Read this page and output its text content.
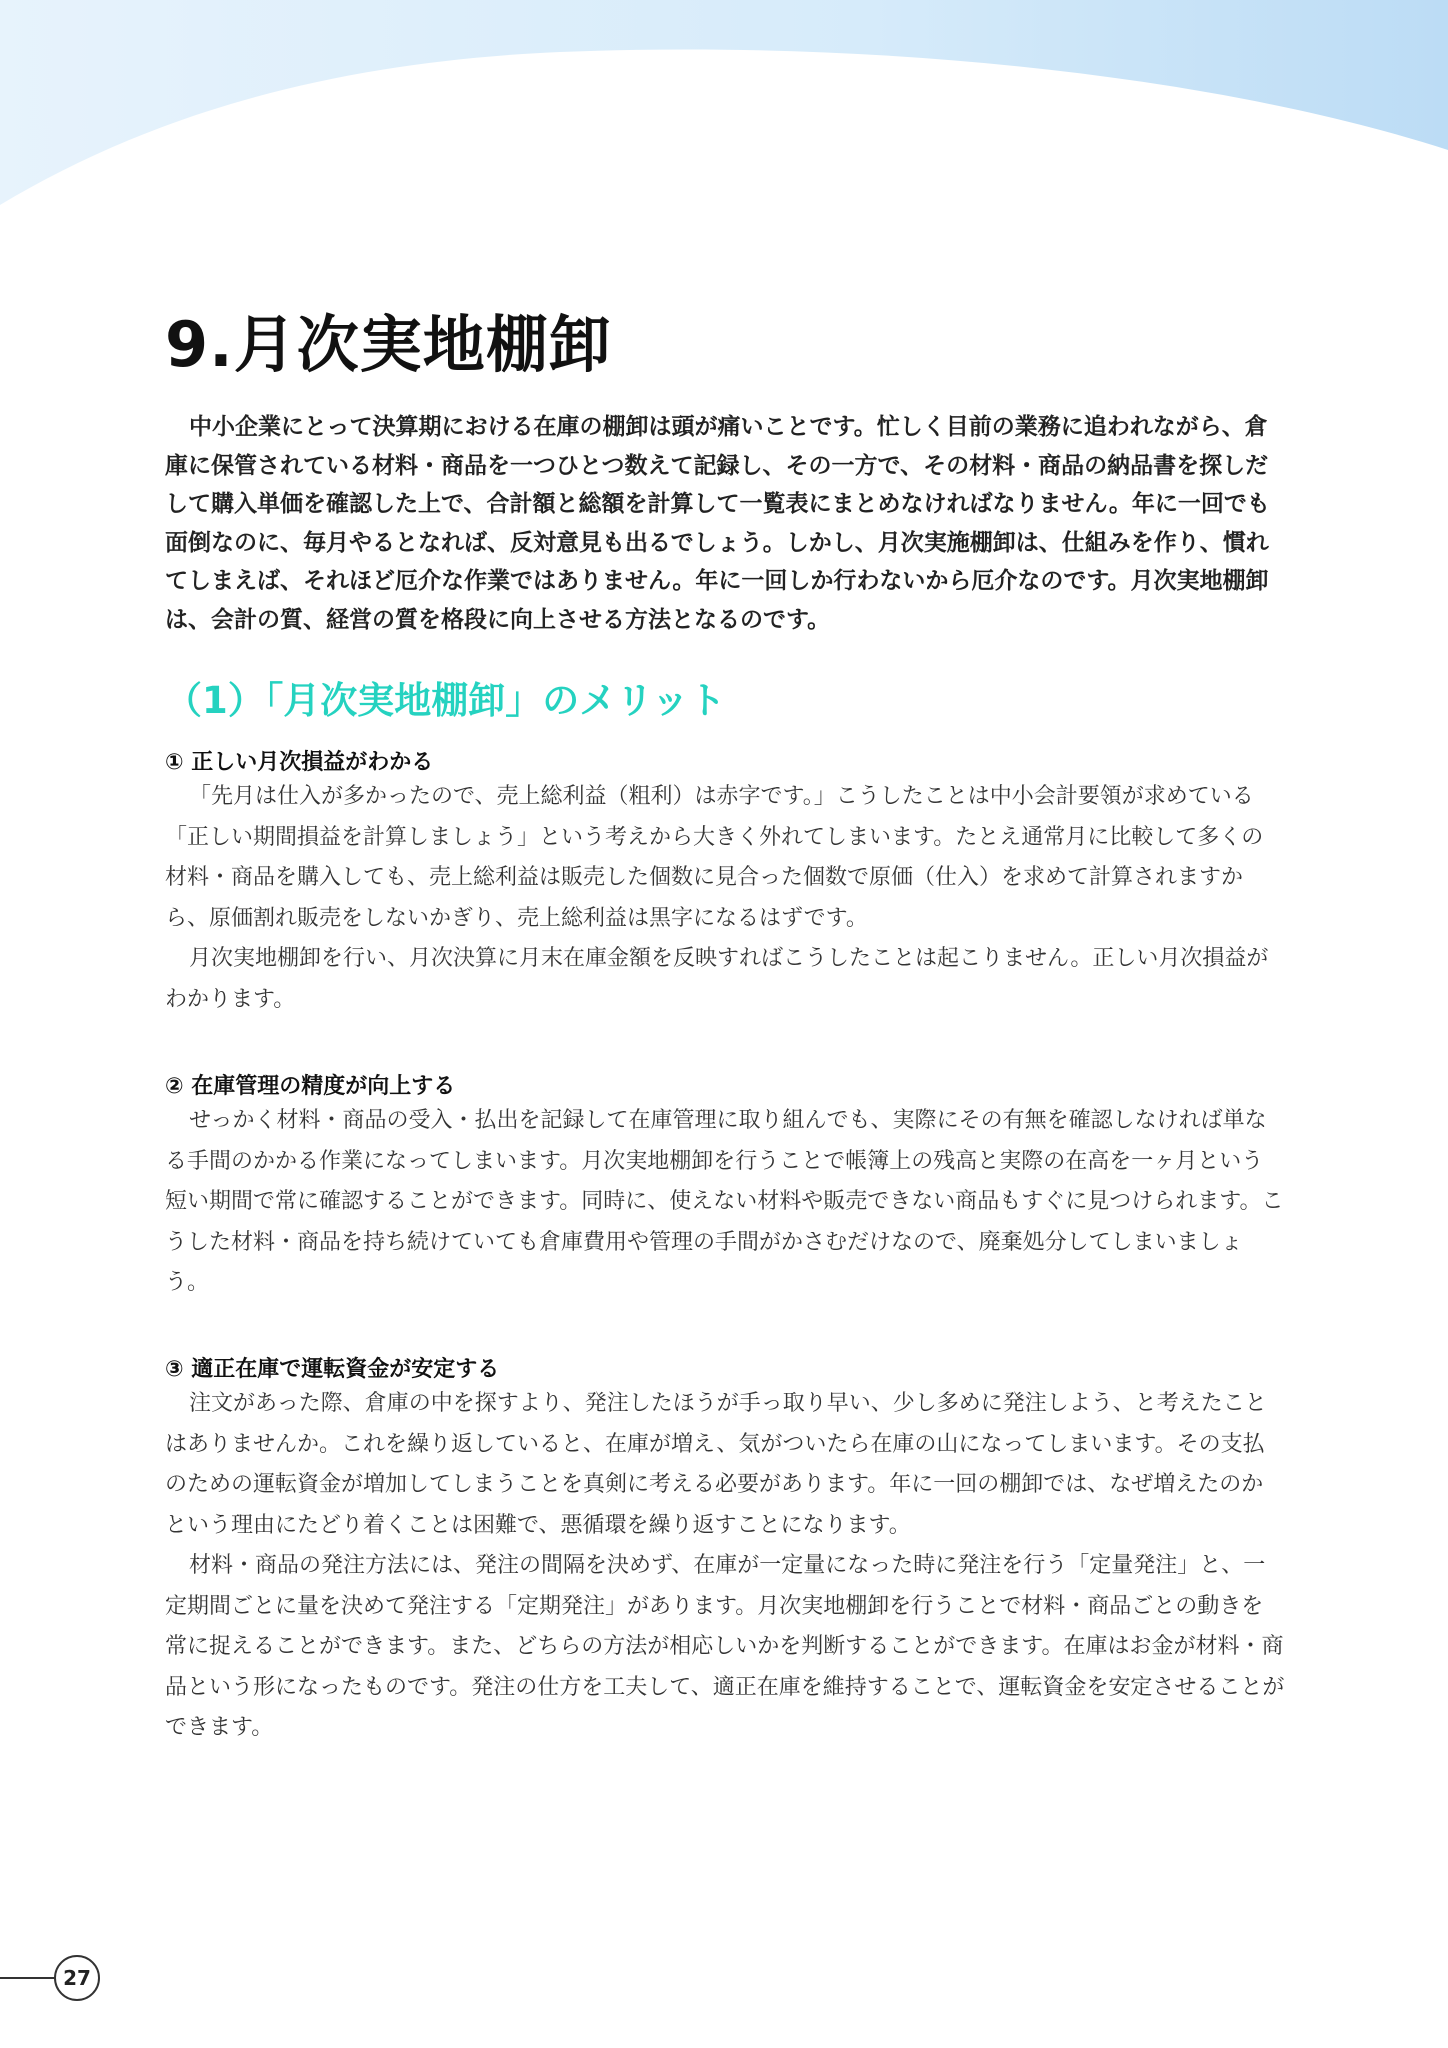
9.月次実地棚卸

中小企業にとって決算期における在庫の棚卸は頭が痛いことです。忙しく目前の業務に追われながら、倉庫に保管されている材料・商品を一つひとつ数えて記録し、その一方で、その材料・商品の納品書を探しだして購入単価を確認した上で、合計額と総額を計算して一覧表にまとめなければなりません。年に一回でも面倒なのに、毎月やるとなれば、反対意見も出るでしょう。しかし、月次実施棚卸は、仕組みを作り、慣れてしまえば、それほど厄介な作業ではありません。年に一回しか行わないから厄介なのです。月次実地棚卸は、会計の質、経営の質を格段に向上させる方法となるのです。

（1）「月次実地棚卸」のメリット
① 正しい月次損益がわかる

「先月は仕入が多かったので、売上総利益（粗利）は赤字です。」こうしたことは中小会計要領が求めている「正しい期間損益を計算しましょう」という考えから大きく外れてしまいます。たとえ通常月に比較して多くの材料・商品を購入しても、売上総利益は販売した個数に見合った個数で原価（仕入）を求めて計算されますから、原価割れ販売をしないかぎり、売上総利益は黒字になるはずです。

月次実地棚卸を行い、月次決算に月末在庫金額を反映すればこうしたことは起こりません。正しい月次損益がわかります。

② 在庫管理の精度が向上する

せっかく材料・商品の受入・払出を記録して在庫管理に取り組んでも、実際にその有無を確認しなければ単なる手間のかかる作業になってしまいます。月次実地棚卸を行うことで帳簿上の残高と実際の在高を一ヶ月という短い期間で常に確認することができます。同時に、使えない材料や販売できない商品もすぐに見つけられます。こうした材料・商品を持ち続けていても倉庫費用や管理の手間がかさむだけなので、廃棄処分してしまいましょう。

③ 適正在庫で運転資金が安定する

注文があった際、倉庫の中を探すより、発注したほうが手っ取り早い、少し多めに発注しよう、と考えたことはありませんか。これを繰り返していると、在庫が増え、気がついたら在庫の山になってしまいます。その支払のための運転資金が増加してしまうことを真剣に考える必要があります。年に一回の棚卸では、なぜ増えたのかという理由にたどり着くことは困難で、悪循環を繰り返すことになります。

材料・商品の発注方法には、発注の間隔を決めず、在庫が一定量になった時に発注を行う「定量発注」と、一定期間ごとに量を決めて発注する「定期発注」があります。月次実地棚卸を行うことで材料・商品ごとの動きを常に捉えることができます。また、どちらの方法が相応しいかを判断することができます。在庫はお金が材料・商品という形になったものです。発注の仕方を工夫して、適正在庫を維持することで、運転資金を安定させることができます。

27
